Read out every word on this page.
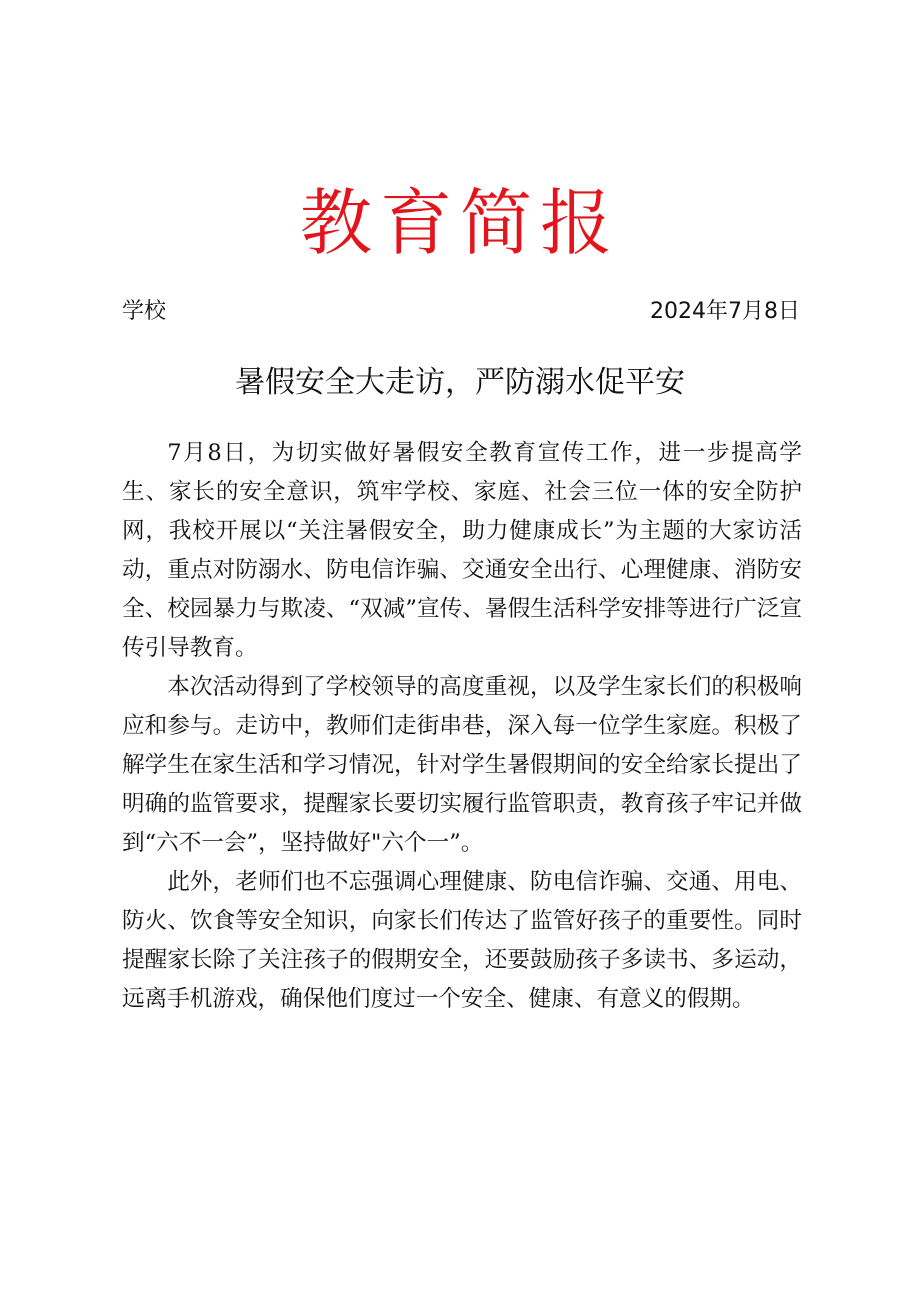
教育简报
学校	2024年7月8日
暑假安全大走访，严防溺水促平安

7月8日，为切实做好暑假安全教育宣传工作，进一步提高学生、家长的安全意识，筑牢学校、家庭、社会三位一体的安全防护网，我校开展以“关注暑假安全，助力健康成长”为主题的大家访活动，重点对防溺水、防电信诈骗、交通安全出行、心理健康、消防安全、校园暴力与欺凌、“双减”宣传、暑假生活科学安排等进行广泛宣传引导教育。

本次活动得到了学校领导的高度重视，以及学生家长们的积极响应和参与。走访中，教师们走街串巷，深入每一位学生家庭。积极了解学生在家生活和学习情况，针对学生暑假期间的安全给家长提出了明确的监管要求，提醒家长要切实履行监管职责，教育孩子牢记并做到“六不一会”，坚持做好"六个一”。

此外，老师们也不忘强调心理健康、防电信诈骗、交通、用电、防火、饮食等安全知识，向家长们传达了监管好孩子的重要性。同时提醒家长除了关注孩子的假期安全，还要鼓励孩子多读书、多运动，远离手机游戏，确保他们度过一个安全、健康、有意义的假期。
